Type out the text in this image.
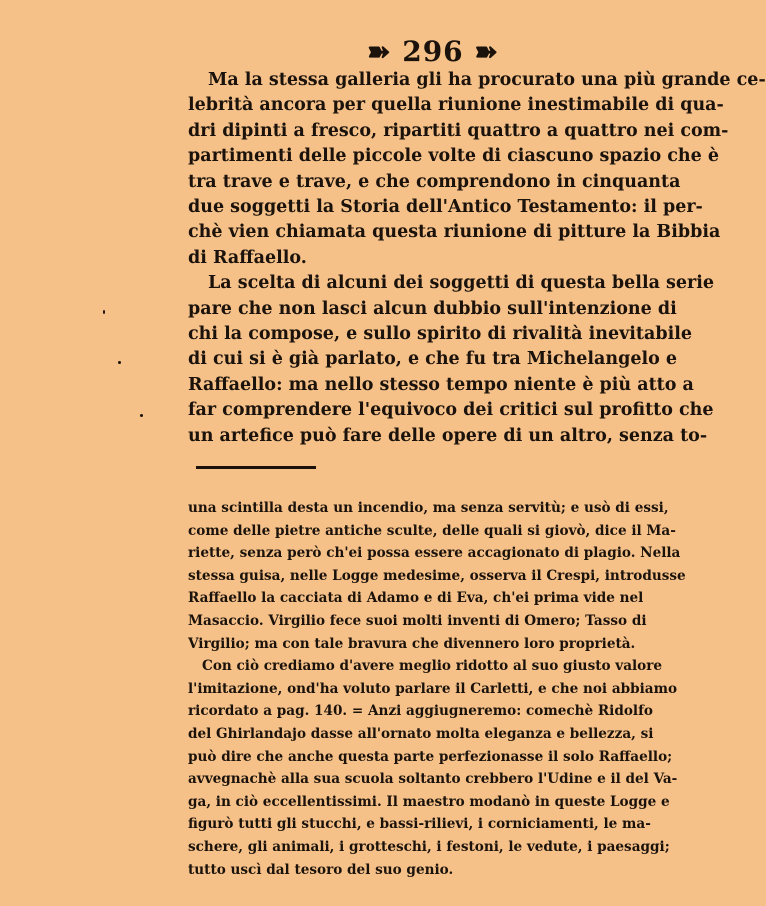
➽ 296 ➽
Ma la stessa galleria gli ha procurato una più grande ce-
lebrità ancora per quella riunione inestimabile di qua-
dri dipinti a fresco, ripartiti quattro a quattro nei com-
partimenti delle piccole volte di ciascuno spazio che è
tra trave e trave, e che comprendono in cinquanta
due soggetti la Storia dell'Antico Testamento: il per-
chè vien chiamata questa riunione di pitture la Bibbia
di Raffaello.
La scelta di alcuni dei soggetti di questa bella serie
pare che non lasci alcun dubbio sull'intenzione di
chi la compose, e sullo spirito di rivalità inevitabile
di cui si è già parlato, e che fu tra Michelangelo e
Raffaello: ma nello stesso tempo niente è più atto a
far comprendere l'equivoco dei critici sul profitto che
un artefice può fare delle opere di un altro, senza to-
una scintilla desta un incendio, ma senza servitù; e usò di essi,
come delle pietre antiche sculte, delle quali si giovò, dice il Ma-
riette, senza però ch'ei possa essere accagionato di plagio. Nella
stessa guisa, nelle Logge medesime, osserva il Crespi, introdusse
Raffaello la cacciata di Adamo e di Eva, ch'ei prima vide nel
Masaccio. Virgilio fece suoi molti inventi di Omero; Tasso di
Virgilio; ma con tale bravura che divennero loro proprietà.
Con ciò crediamo d'avere meglio ridotto al suo giusto valore
l'imitazione, ond'ha voluto parlare il Carletti, e che noi abbiamo
ricordato a pag. 140. = Anzi aggiugneremo: comechè Ridolfo
del Ghirlandajo dasse all'ornato molta eleganza e bellezza, si
può dire che anche questa parte perfezionasse il solo Raffaello;
avvegnachè alla sua scuola soltanto crebbero l'Udine e il del Va-
ga, in ciò eccellentissimi. Il maestro modanò in queste Logge e
figurò tutti gli stucchi, e bassi-rilievi, i corniciamenti, le ma-
schere, gli animali, i grotteschi, i festoni, le vedute, i paesaggi;
tutto uscì dal tesoro del suo genio.
